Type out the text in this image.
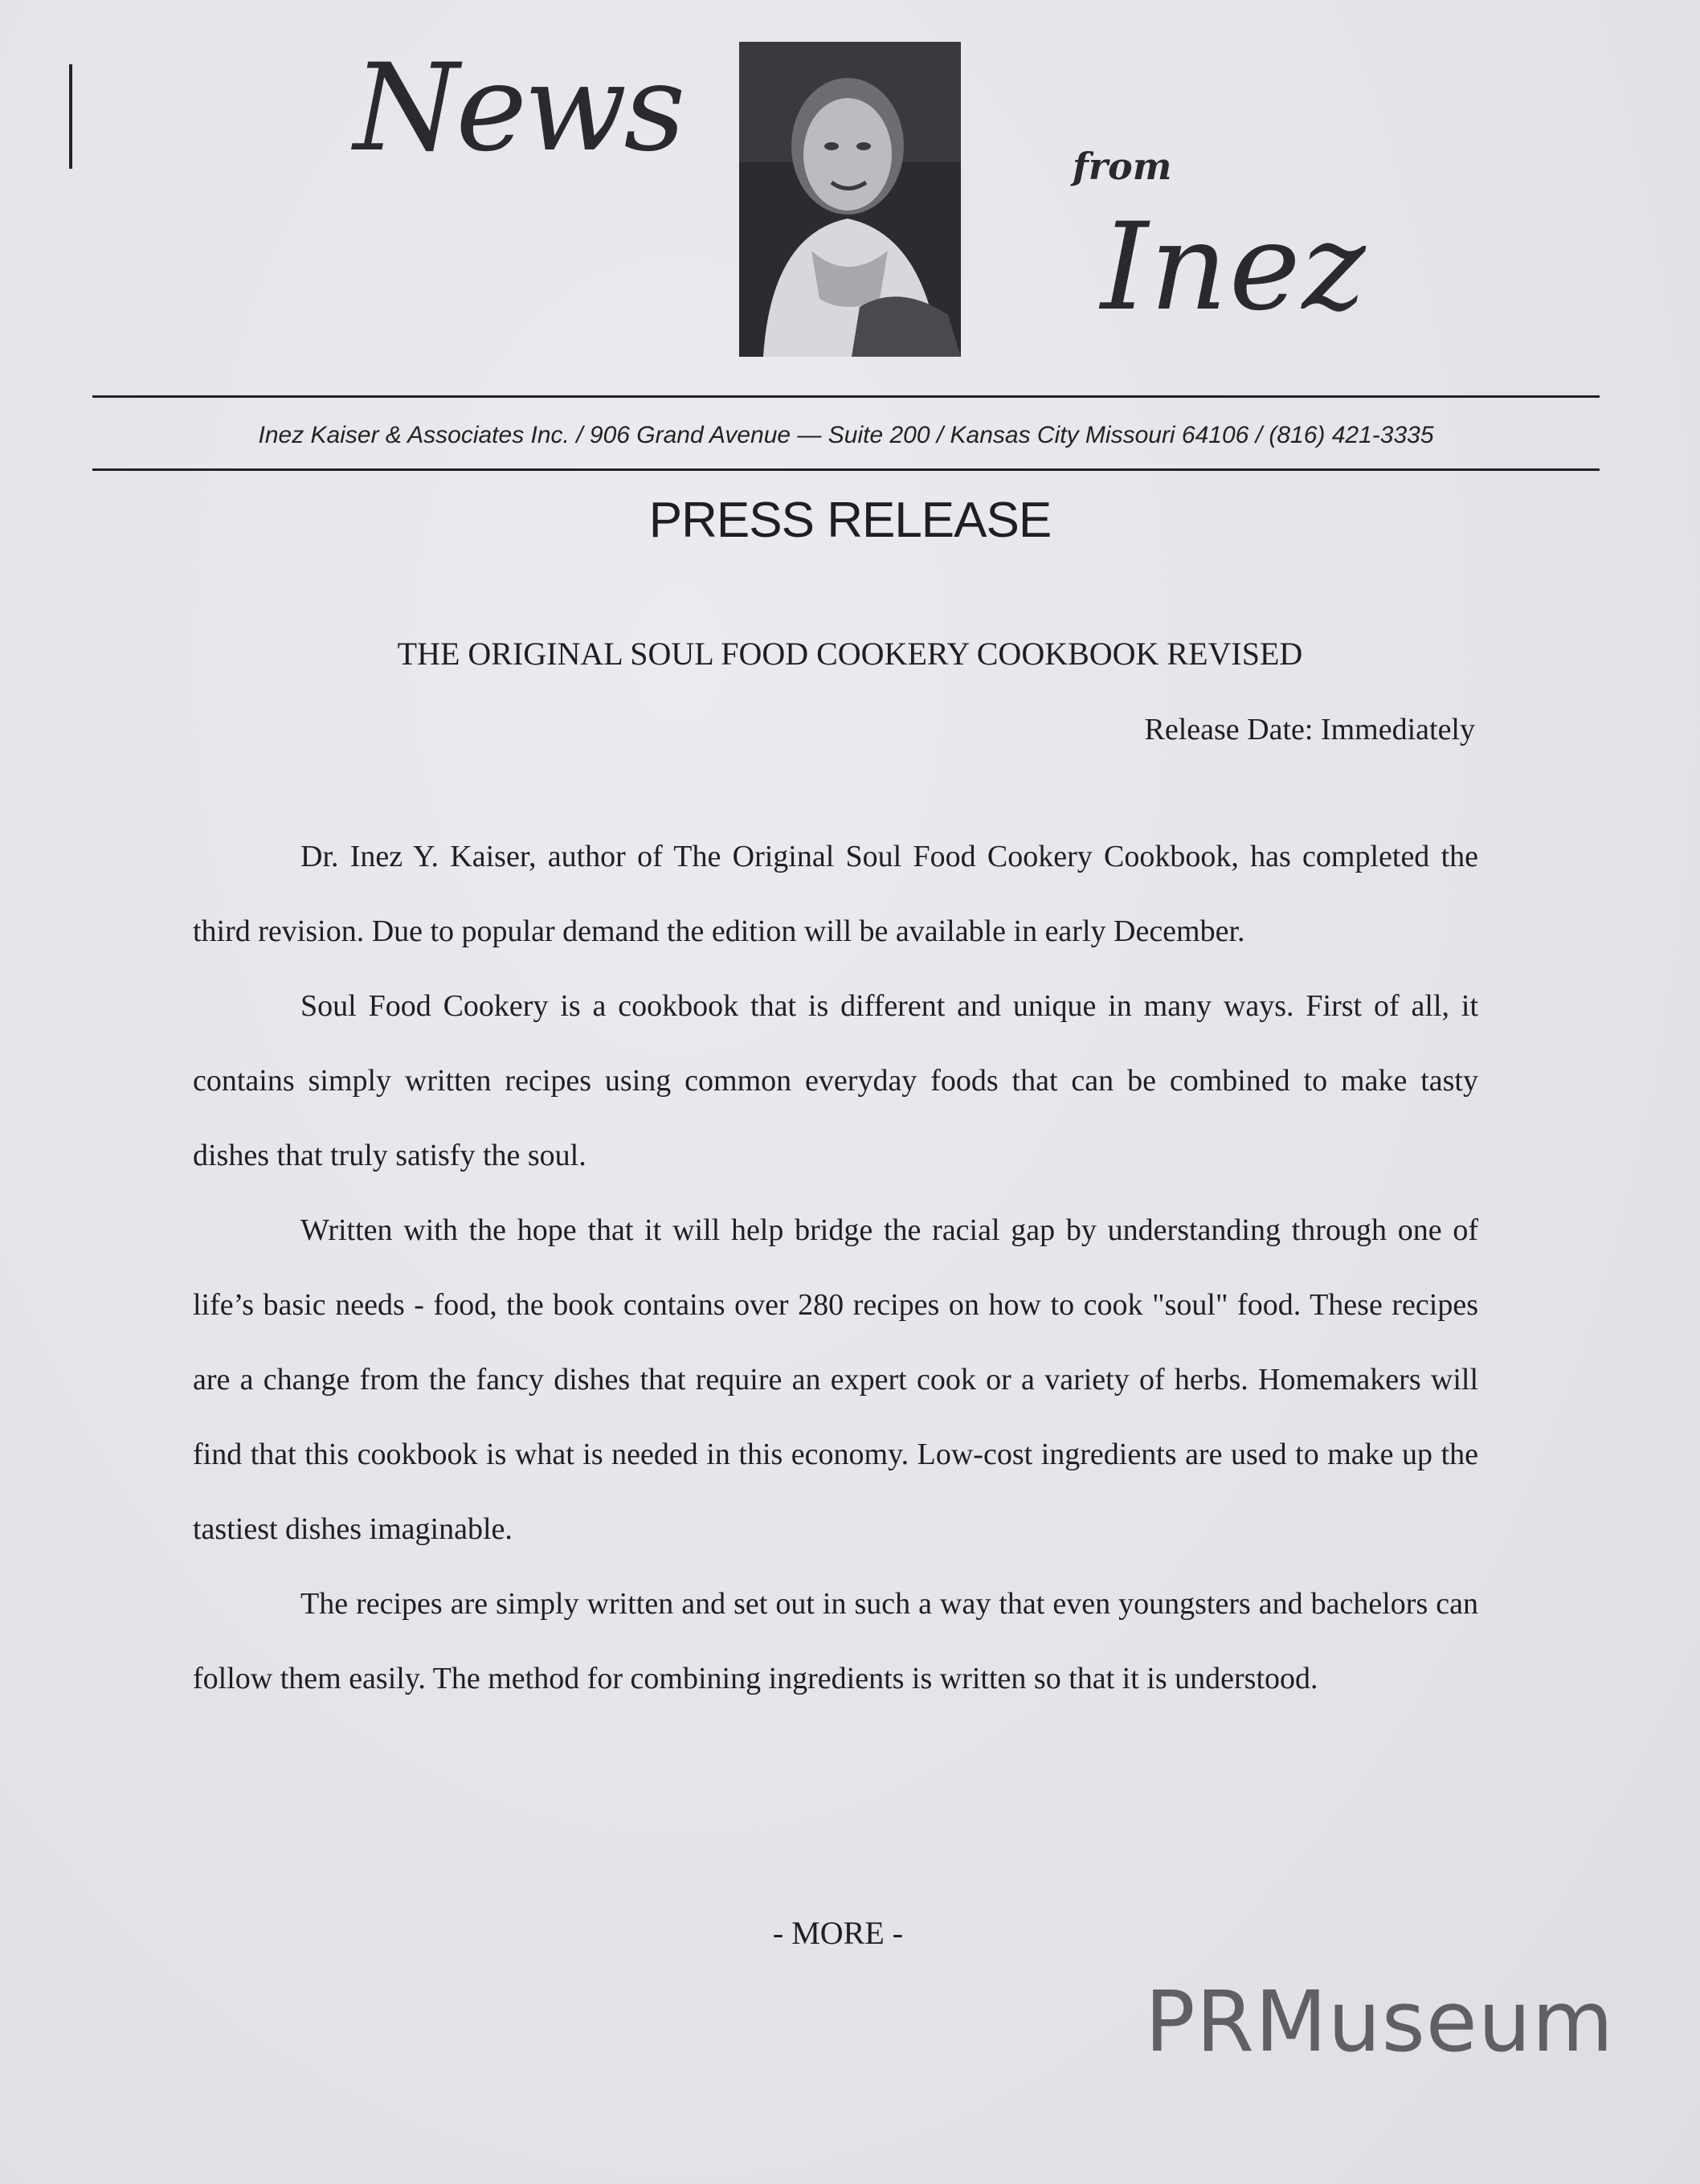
News	from
Inez
Inez Kaiser & Associates Inc. / 906 Grand Avenue — Suite 200 / Kansas City Missouri 64106 / (816) 421-3335
PRESS RELEASE
THE ORIGINAL SOUL FOOD COOKERY COOKBOOK REVISED
Release Date: Immediately

Dr. Inez Y. Kaiser, author of The Original Soul Food Cookery Cookbook, has completed the third revision. Due to popular demand the edition will be available in early December.

Soul Food Cookery is a cookbook that is different and unique in many ways. First of all, it contains simply written recipes using common everyday foods that can be combined to make tasty dishes that truly satisfy the soul.

Written with the hope that it will help bridge the racial gap by understanding through one of life’s basic needs - food, the book contains over 280 recipes on how to cook "soul" food. These recipes are a change from the fancy dishes that require an expert cook or a variety of herbs. Homemakers will find that this cookbook is what is needed in this economy. Low-cost ingredients are used to make up the tastiest dishes imaginable.

The recipes are simply written and set out in such a way that even youngsters and bachelors can follow them easily. The method for combining ingredients is written so that it is understood.

- MORE -
PRMuseum
